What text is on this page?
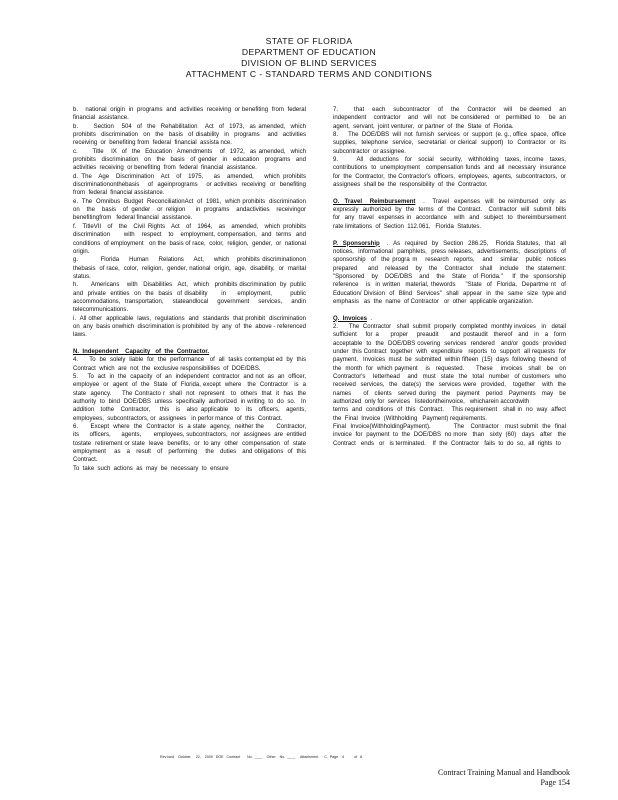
STATE OF FLORIDA
DEPARTMENT OF EDUCATION
DIVISION OF BLIND SERVICES
ATTACHMENT C - STANDARD TERMS AND CONDITIONS

b.    national  origin  in  programs  and  activities  receiving  or benefiting  from  federal  financial  assistance.

b.      Section   504  of  the  Rehabilitation   Act  of  1973,  as amended,  which  prohibits  discrimination  on  the  basis  of disability  in  programs   and  activities  receiving  or  benefiting from  federal  financial  assista nce.

c.      Title   IX  of  the  Education  Amendments   of  1972,  as amended,  which  prohibits  discrimination  on  the  basis  of gender  in  education  programs  and  activities  receiving  or benefiting  from  federal  financial  assistance.

d. The  Age  Discrimination  Act  of  1975,   as  amended,   which prohibits  discriminationonthebasis    of  ageinprograms    or activities  receiving  or  benefiting   from  federal  financial assistance.

e.  The  Omnibus  Budget  ReconciliationAct  of  1981,  which prohibits  discrimination  on  the  basis  of gender  or religion   in programs  andactivities  receivingor  benefitingfrom   federal financial  assistance.

f.  TitleVII  of  the  Civil Rights  Act  of  1964,  as  amended,  which prohibits    discrimination      with   respect   to   employment, compensation,  and  terms  and  conditions  of employment   on the  basis of race,  color,  religion,  gender,  or  national  origin.

g.         Florida    Human    Relations    Act,    which   prohibits discriminationon  thebasis  of race,  color,  religion,  gender, national  origin,  age,  disability,  or  marital  status.

h.       Americans    with   Disabilities   Act,   which   prohibits discrimination  by  public  and  private  entities  on  the  basis  of disability      in     employment,        public     accommodations, transportation,  stateandlocal  government  services,  andin telecommunications.

i.  All other  applicable  laws,  regulations  and  standards  that prohibit  discrimination  on  any  basis onwhich  discrimination is prohibited  by  any  of  the  above - referenced    laws.

N.  Independent    Capacity   of  the  Contractor.

4.      To  be  solely  liable  for  the  performance   of  all  tasks contemplat ed  by  this  Contract  which  are  not  the  exclusive responsibilities  of  DOE/DBS.

5.     To  act  in  the  capacity  of  an  independent  contractor  and not  as  an  officer,  employee  or  agent  of  the  State  of  Florida, except  where   the  Contractor   is  a  state  agency.     The Contracto r  shall  not  represent   to  others  that  it  has  the authority  to  bind  DOE/DBS  unless  specifically  authorized  in writing  to  do  so.   In  addition  tothe  Contractor,   this  is  also applicable  to  its  officers,  agents,  employees,  subcontractors, or  assignees   in perfor mance  of  this  Contract.

6.      Except  where  the  Contractor  is  a state  agency,  neither the      Contractor,       its      officers,      agents,       employees, subcontractors,  nor  assignees  are  entitled  tostate  retirement or state  leave  benefits,  or  to any  other  compensation  of  state employment    as   a   result   of   performing    the   duties   and obligations  of  this  Contract.

To  take  such  actions  as  may  be  necessary  to  ensure

7.      that   each   subcontractor   of   the   Contractor   will   be deemed   an   independent    contractor    and   will   not   be considered   or   permitted  to     be  an  agent,  servant,  joint venturer,  or partner  of  the  State  of  Florida.

8.      The  DOE/DBS  will  not  furnish  services  or  support  (e. g., office  space,  office  supplies,  telephone  service,  secretarial  or clerical  support)  to  Contractor  or  its  subcontractor  or assignee.

9.      All  deductions  for  social  security,  withholding  taxes, income  taxes,  contributions  to  unemployment   compensation funds  and  all  necessary  insurance  for  the  Contractor,  the Contractor's  officers,  employees,  agents,  subcontractors,  or assignees  shall be  the  responsibility  of  the  Contractor.

O.  Travel   Reimbursement   .   Travel  expenses  will  be reimbursed  only  as expressly  authorized  by  the  terms  of  the Contract.   Contractor  will  submit  bills  for  any  travel  expenses in  accordance   with  and  subject  to  thereimbursement    rate limitations  of  Section  112.061,   Florida  Statutes.

P.  Sponsorship   .  As  required  by  Section  286.25,   Florida Statutes,  that  all  notices,  informational  pamphlets,  press releases,  advertisements,  descriptions  of sponsorship  of  the progra m   research  reports,   and   similar   public  notices prepared   and  released  by  the  Contractor  shall  include  the statement:   "Sponsored   by   DOE/DBS   and   the   State   of Florida."    If  the  sponsorship   reference   is  in written  material, thewords    "State  of  Florida,  Departme nt  of  Education/ Division  of  Blind  Services"  shall  appear  in  the  same  size  type and  emphasis   as  the  name  of Contractor   or  other  applicable organization.

Q.  Invoices  .

2.      The  Contractor   shall  submit  properly  completed  monthly invoices   in   detail   sufficient   for a    proper   preaudit    and postaudit  thereof  and  in  a  form  acceptable  to  the  DOE/DBS covering  services  rendered   and/or  goods  provided  under  this Contract  together  with  expenditure   reports  to  support  all requests  for  payment.   Invoices  must  be  submitted  within fifteen  (15)  days  following  theend  of  the  month  for  which payment    is   requested.      These    invoices   shall   be   on Contractor's   letterhead   and  must  state  the  total  number  of customers  who  received  services,  the  date(s)  the  services were  provided,   together   with  the names    of  clients  served during  the  payment  period  Payments  may  be  authorized  only for  services   listedontheinvoice,   whicharein accordwith

terms  and  conditions  of  this  Contract.    This requirement   shall in  no  way  affect  the  Final  Invoice  (Withholding   Payment) requirements.

Final  Invoice(WithholdingPayment).           The   Contractor   must submit  the  final  invoice  for  payment  to  the  DOE/DBS  no more   than   sixty  (60)   days   after   the   Contract   ends   or   is terminated.    If  the  Contractor   fails  to  do  so,  all  rights  to

Rev ised    October     22,    2009   DOE   Contract       No.  ____    Other    No.  ____     Attachment      C,  Page    4          of   8
Contract Training Manual and Handbook
Page 154
